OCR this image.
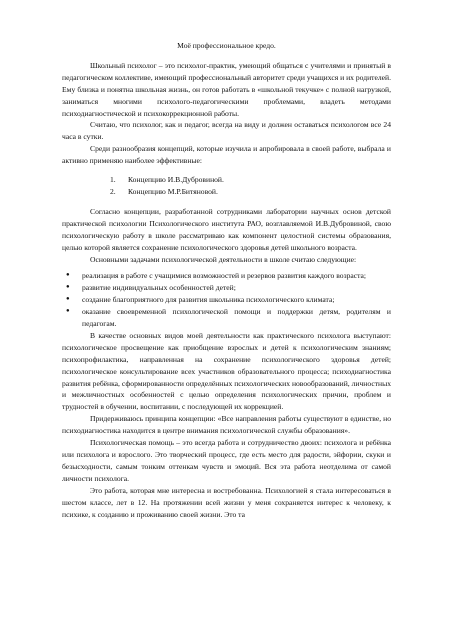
Моё профессиональное кредо.

Школьный психолог – это психолог-практик, умеющий общаться с учителями и принятый в педагогическом коллективе, имеющий профессиональный авторитет среди учащихся и их родителей. Ему близка и понятна школьная жизнь, он готов работать в «школьной текучке» с полной нагрузкой, заниматься многими психолого-педагогическими проблемами, владеть методами психодиагностической и психокоррекционной работы.

Считаю, что психолог, как и педагог, всегда на виду и должен оставаться психологом все 24 часа в сутки.

Среди разнообразия концепций, которые изучила и апробировала в своей работе, выбрала и активно применяю наиболее эффективные:

1. Концепцию И.В.Дубровиной.
2. Концепцию М.Р.Битяновой.

Согласно концепции, разработанной сотрудниками лаборатории научных основ детской практической психологии Психологического института РАО, возглавляемой И.В.Дубровиной, свою психологическую работу в школе рассматриваю как компонент целостной системы образования, целью которой является сохранение психологического здоровья детей школьного возраста.

Основными задачами психологической деятельности в школе считаю следующие:

● реализация в работе с учащимися возможностей и резервов развития каждого возраста;
● развитие индивидуальных особенностей детей;
● создание благоприятного для развития школьника психологического климата;
● оказание своевременной психологической помощи и поддержки детям, родителям и педагогам.

В качестве основных видов моей деятельности как практического психолога выступают: психологическое просвещение как приобщение взрослых и детей к психологическим знаниям; психопрофилактика, направленная на сохранение психологического здоровья детей; психологическое консультирование всех участников образовательного процесса; психодиагностика развития ребёнка, сформированности определённых психологических новообразований, личностных и межличностных особенностей с целью определения психологических причин, проблем и трудностей в обучении, воспитании, с последующей их коррекцией.

Придерживаюсь принципа концепции: «Все направления работы существуют в единстве, но психодиагностика находится в центре внимания психологической службы образования».

Психологическая помощь – это всегда работа и сотрудничество двоих: психолога и ребёнка или психолога и взрослого. Это творческий процесс, где есть место для радости, эйфории, скуки и безысходности, самым тонким оттенкам чувств и эмоций. Вся эта работа неотделима от самой личности психолога.

Это работа, которая мне интересна и востребованна. Психологией я стала интересоваться в шестом классе, лет в 12. На протяжении всей жизни у меня сохраняется интерес к человеку, к психике, к созданию и проживанию своей жизни. Это та
